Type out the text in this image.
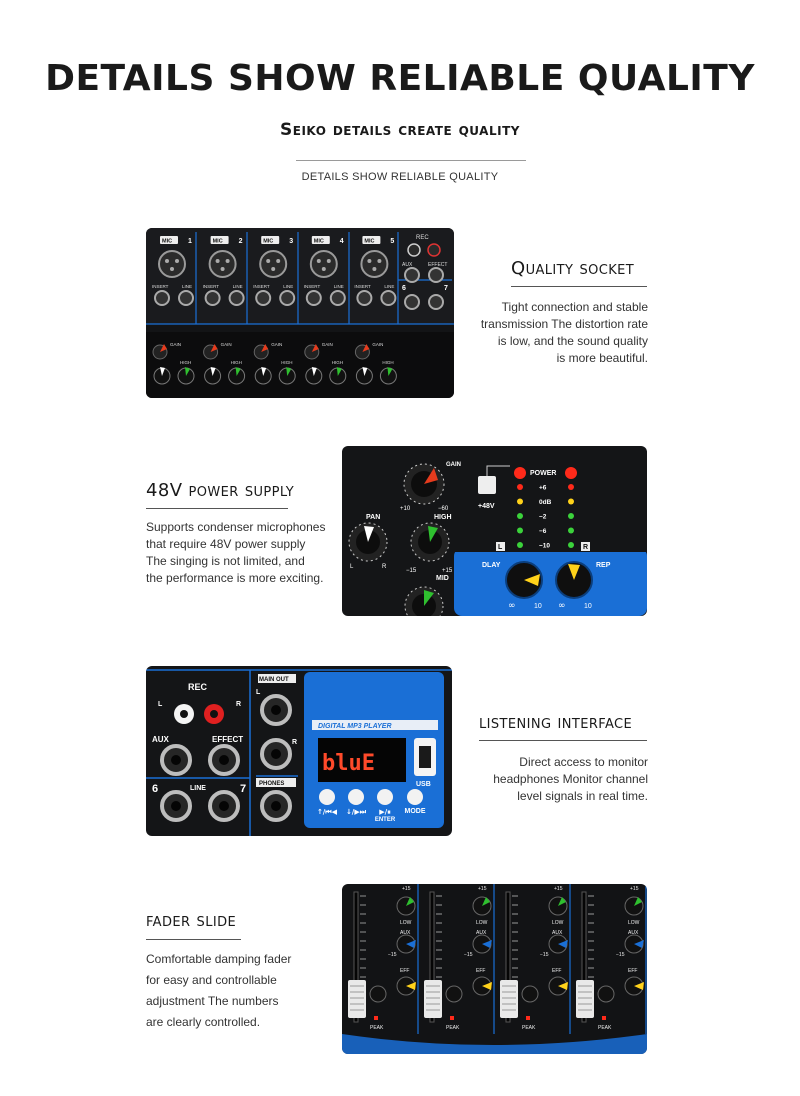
DETAILS SHOW RELIABLE QUALITY
Seiko details create quality
DETAILS SHOW RELIABLE QUALITY
MIC 1
INSERT	LINE
MIC 2
INSERT	LINE
MIC 3
INSERT	LINE
MIC 4
INSERT	LINE
MIC 5
INSERT	LINE
GAIN
HIGH
GAIN
HIGH
GAIN
HIGH
GAIN
HIGH
GAIN
HIGH
REC
AUX	EFFECT
6	7
Quality socket
Tight connection and stable
transmission The distortion rate
is low, and the sound quality
is more beautiful.
48V power supply
Supports condenser microphones
that require 48V power supply
The singing is not limited, and
the performance is more exciting.
GAIN
+10	−60
PAN
L	R
HIGH
−15	+15
MID
+48V
+6
0dB
−2
−6
−10
POWER
L	R
DLAY	REP
∞	10 ∞	10
REC
L	R
AUX	EFFECT
6	LINE	7
MAIN OUT
L
R
PHONES
DIGITAL MP3 PLAYER
bluE
USB
↑/⏮◀	↓/▶⏭	▶/⏸
ENTER
MODE
listening interface
Direct access to monitor
headphones Monitor channel
level signals in real time.
fader slide
Comfortable damping fader
for easy and controllable
adjustment The numbers
are clearly controlled.
+15
LOW
AUX
EFF
PEAK
−15
+15
LOW
AUX
EFF
PEAK
−15
+15
LOW
AUX
EFF
PEAK
−15
+15
LOW
AUX
EFF
PEAK
−15
